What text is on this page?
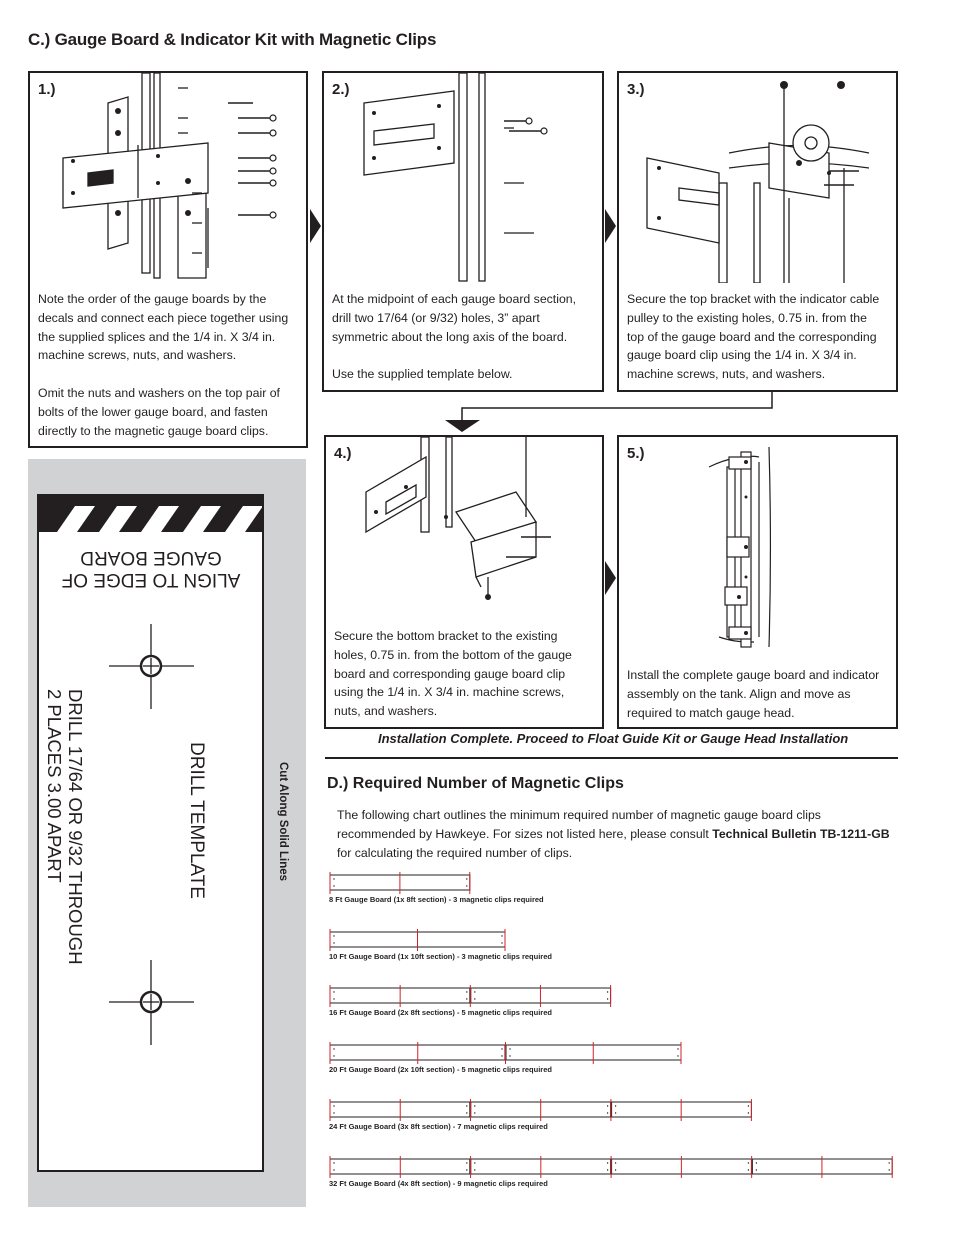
C.) Gauge Board & Indicator Kit with Magnetic Clips
1.)

Note the order of the gauge boards by the decals and connect each piece together using the supplied splices and the 1/4 in. X 3/4 in. machine screws, nuts, and washers.

Omit the nuts and washers on the top pair of bolts of the lower gauge board, and fasten directly to the magnetic gauge board clips.

2.)

At the midpoint of each gauge board section, drill two 17/64 (or 9/32) holes, 3” apart symmetric about the long axis of the board.

Use the supplied template below.

3.)

Secure the top bracket with the indicator cable pulley to the existing holes, 0.75 in. from the top of the gauge board and the corresponding gauge board clip using the 1/4 in. X 3/4 in. machine screws, nuts, and washers.

4.)

Secure the bottom bracket to the existing holes, 0.75 in. from the bottom of the gauge board and corresponding gauge board clip using the 1/4 in. X 3/4 in. machine screws, nuts, and washers.

5.)

Install the complete gauge board and indicator assembly on the tank. Align and move as required to match gauge head.

Installation Complete. Proceed to Float Guide Kit or Gauge Head Installation
ALIGN TO EDGE OF
GAUGE BOARD
DRILL 17/64 OR 9/32 THROUGH
2 PLACES 3.00 APART	DRILL TEMPLATE	Cut Along Solid Lines D.) Required Number of Magnetic Clips
The following chart outlines the minimum required number of magnetic gauge board clips recommended by Hawkeye. For sizes not listed here, please consult Technical Bulletin TB-1211-GB for calculating the required number of clips.
8 Ft Gauge Board (1x 8ft section) - 3 magnetic clips required
10 Ft Gauge Board (1x 10ft section) - 3 magnetic clips required
16 Ft Gauge Board (2x 8ft sections) - 5 magnetic clips required
20 Ft Gauge Board (2x 10ft section) - 5 magnetic clips required
24 Ft Gauge Board (3x 8ft section) - 7 magnetic clips required
32 Ft Gauge Board (4x 8ft section) - 9 magnetic clips required
